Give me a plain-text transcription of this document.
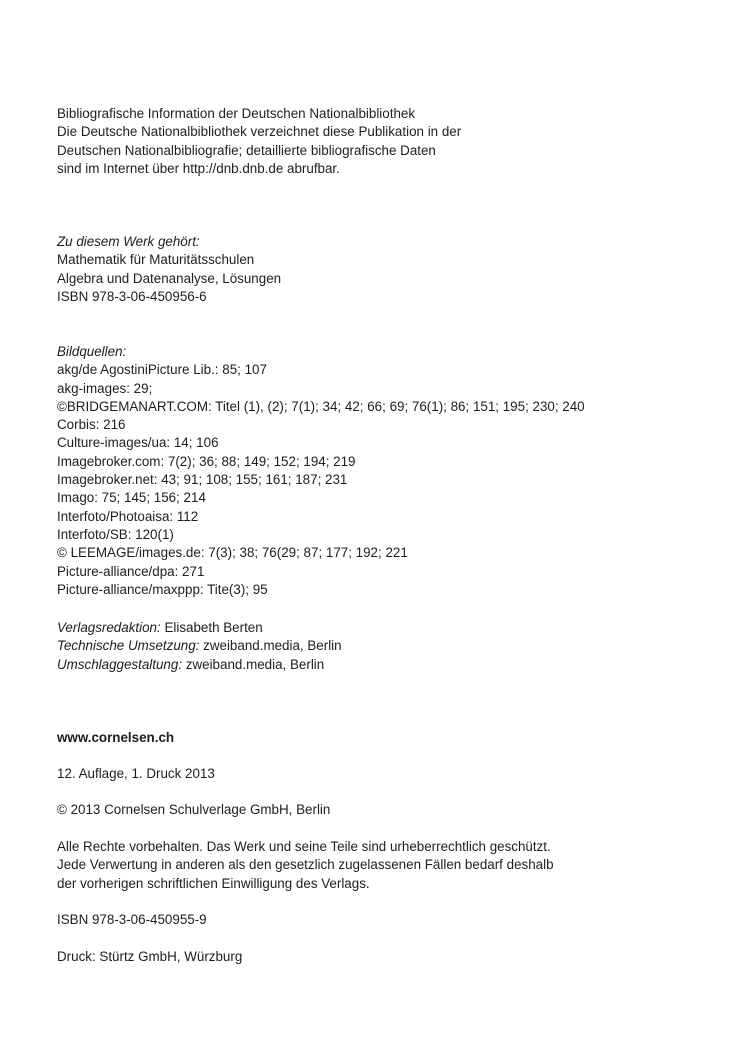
Bibliografische Information der Deutschen Nationalbibliothek
Die Deutsche Nationalbibliothek verzeichnet diese Publikation in der
Deutschen Nationalbibliografie; detaillierte bibliografische Daten
sind im Internet über http://dnb.dnb.de abrufbar.
Zu diesem Werk gehört:
Mathematik für Maturitätsschulen
Algebra und Datenanalyse, Lösungen
ISBN 978-3-06-450956-6
Bildquellen:
akg/de AgostiniPicture Lib.: 85; 107
akg-images: 29;
©BRIDGEMANART.COM: Titel (1), (2); 7(1); 34; 42; 66; 69; 76(1); 86; 151; 195; 230; 240
Corbis: 216
Culture-images/ua: 14; 106
Imagebroker.com: 7(2); 36; 88; 149; 152; 194; 219
Imagebroker.net: 43; 91; 108; 155; 161; 187; 231
Imago: 75; 145; 156; 214
Interfoto/Photoaisa: 112
Interfoto/SB: 120(1)
© LEEMAGE/images.de: 7(3); 38; 76(29; 87; 177; 192; 221
Picture-alliance/dpa: 271
Picture-alliance/maxppp: Tite(3); 95
Verlagsredaktion: Elisabeth Berten
Technische Umsetzung: zweiband.media, Berlin
Umschlaggestaltung: zweiband.media, Berlin
www.cornelsen.ch
12. Auflage, 1. Druck 2013
© 2013 Cornelsen Schulverlage GmbH, Berlin
Alle Rechte vorbehalten. Das Werk und seine Teile sind urheberrechtlich geschützt.
Jede Verwertung in anderen als den gesetzlich zugelassenen Fällen bedarf deshalb
der vorherigen schriftlichen Einwilligung des Verlags.
ISBN 978-3-06-450955-9
Druck: Stürtz GmbH, Würzburg
